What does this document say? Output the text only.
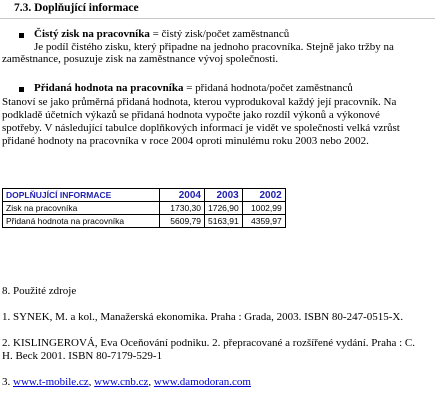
7.3. Doplňující informace
Čistý zisk na pracovníka = čistý zisk/počet zaměstnanců
Je podíl čistého zisku, který připadne na jednoho pracovníka. Stejně jako tržby na
zaměstnance, posuzuje zisk na zaměstnance vývoj společnosti.
Přidaná hodnota na pracovníka = přidaná hodnota/počet zaměstnanců
Stanoví se jako průměrná přidaná hodnota, kterou vyprodukoval každý její pracovník. Na
podkladě účetních výkazů se přidaná hodnota vypočte jako rozdíl výkonů a výkonové
spotřeby. V následující tabulce doplňkových informací je vidět ve společnosti velká vzrůst
přidané hodnoty na pracovníka v roce 2004 oproti minulému roku 2003 nebo 2002.
DOPLŇUJÍCÍ INFORMACE	2004	2003	2002
Zisk na pracovníka	1730,30	1726,90	1002,99
Přidaná hodnota na pracovníka	5609,79	5163,91	4359,97
8. Použité zdroje
1. SYNEK, M. a kol., Manažerská ekonomika. Praha : Grada, 2003. ISBN 80-247-0515-X.
2. KISLINGEROVÁ, Eva Oceňování podniku. 2. přepracované a rozšířené vydání. Praha : C.
H. Beck 2001. ISBN 80-7179-529-1
3. www.t-mobile.cz, www.cnb.cz, www.damodoran.com
